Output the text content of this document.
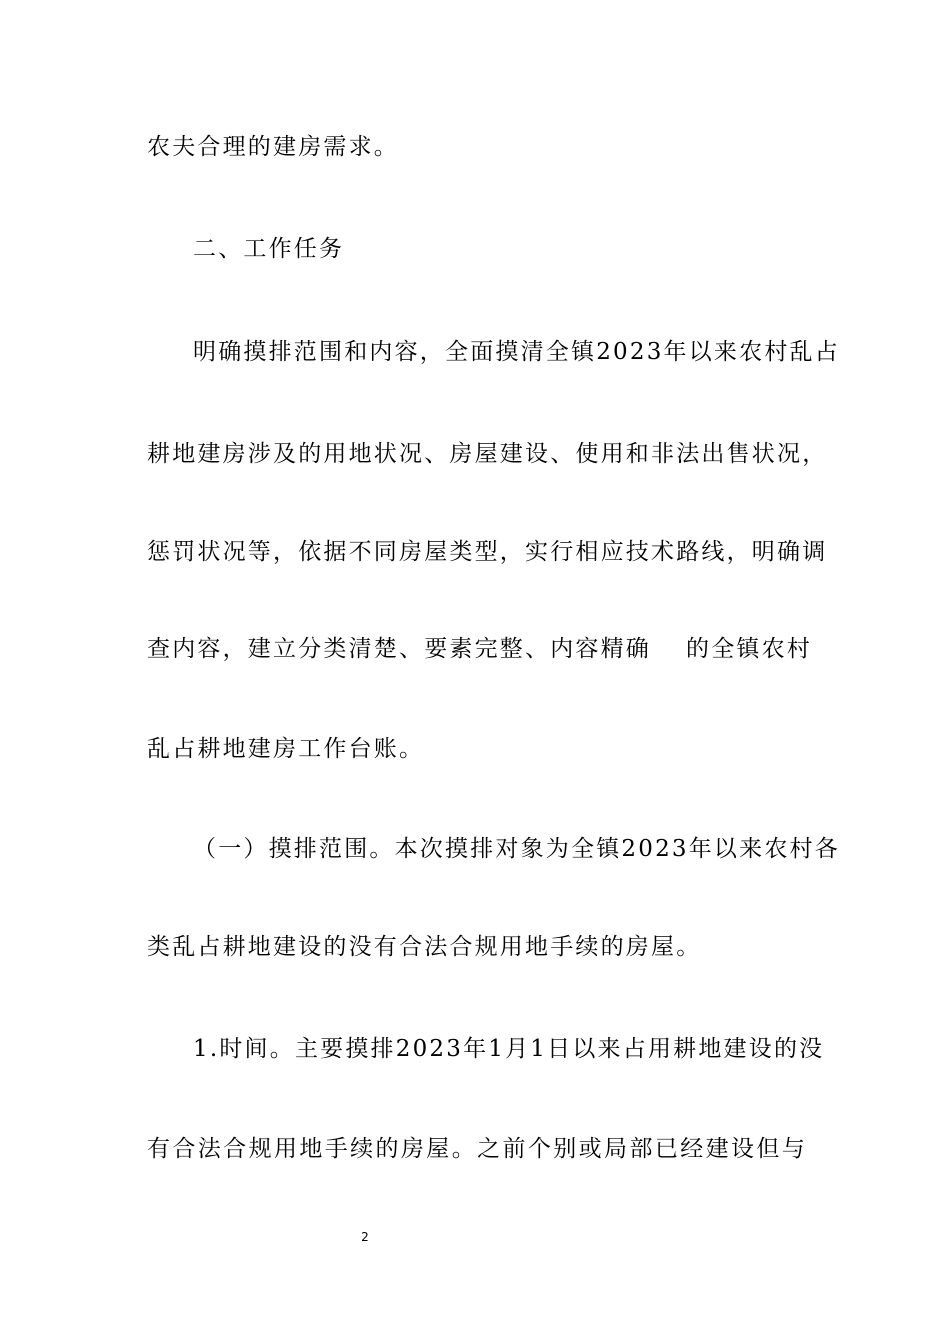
农夫合理的建房需求。
二、工作任务
明确摸排范围和内容，全面摸清全镇2023年以来农村乱占
耕地建房涉及的用地状况、房屋建设、使用和非法出售状况，
惩罚状况等，依据不同房屋类型，实行相应技术路线，明确调
查内容，建立分类清楚、要素完整、内容精确 的全镇农村
乱占耕地建房工作台账。
（一）摸排范围。本次摸排对象为全镇2023年以来农村各
类乱占耕地建设的没有合法合规用地手续的房屋。
1.时间。主要摸排2023年1月1日以来占用耕地建设的没
有合法合规用地手续的房屋。之前个别或局部已经建设但与
2
